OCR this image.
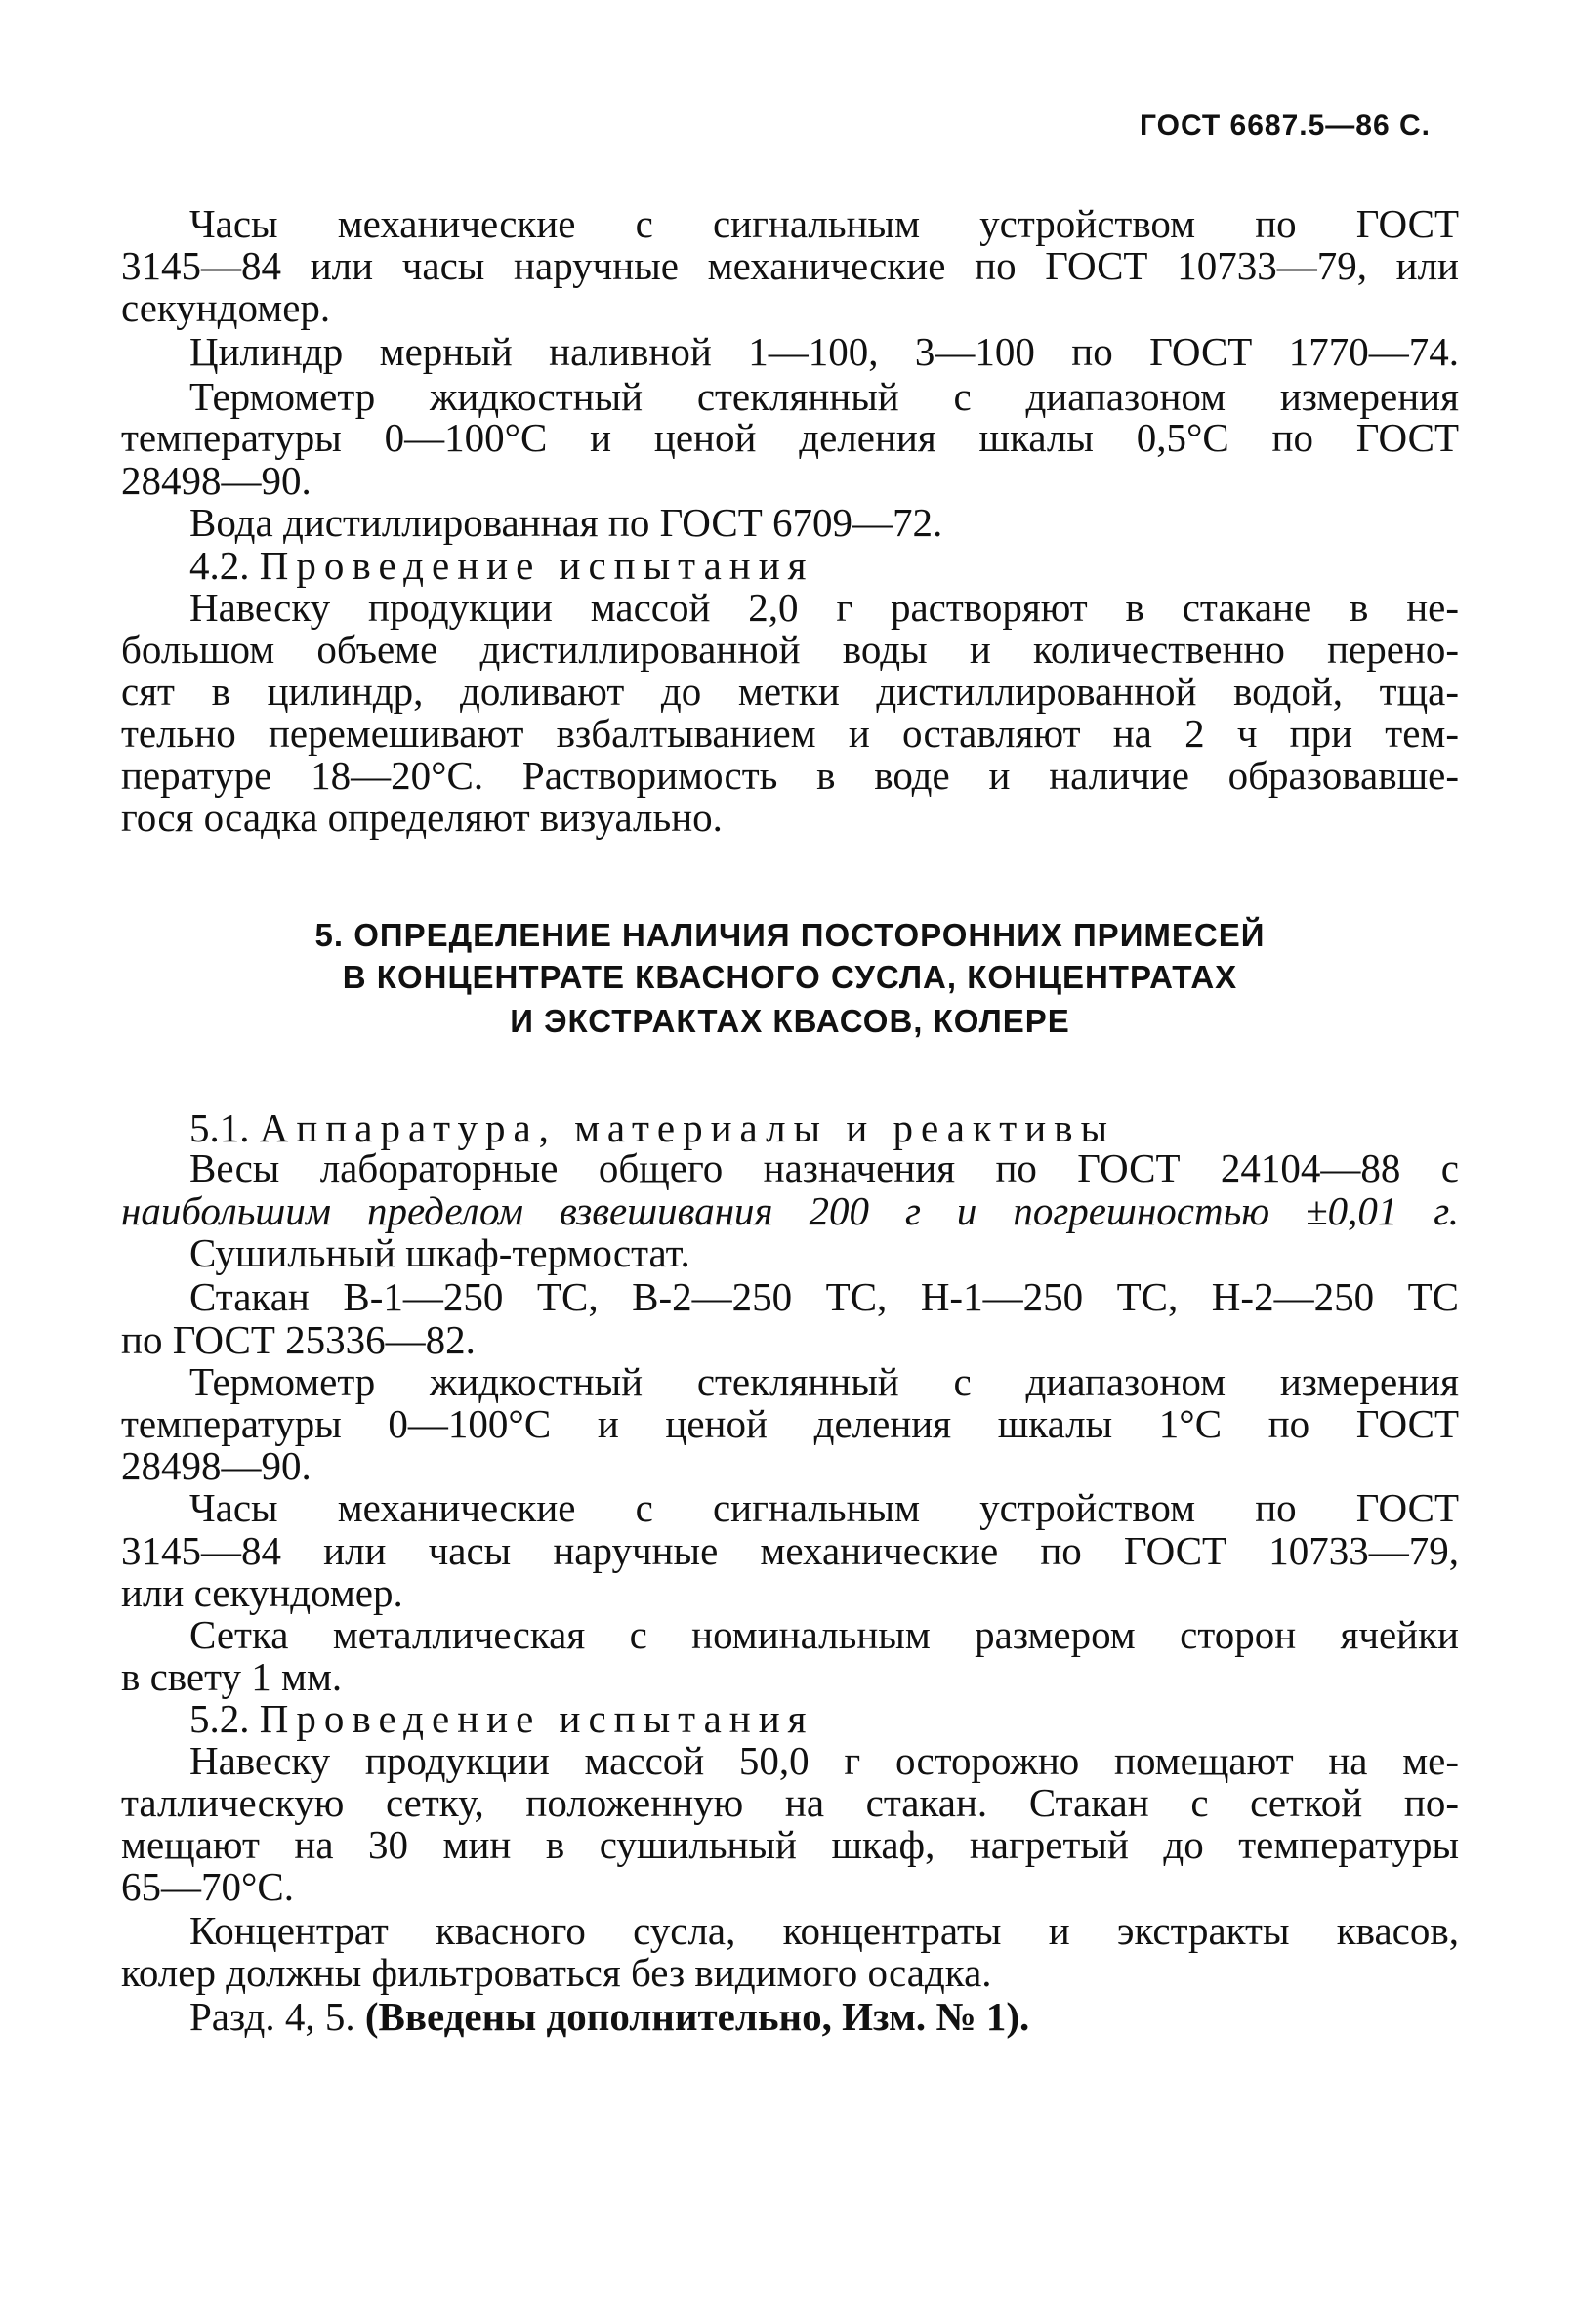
ГОСТ 6687.5—86 С.
Часы механические с сигнальным устройством по ГОСТ
3145—84 или часы наручные механические по ГОСТ 10733—79, или
секундомер.
Цилиндр мерный наливной 1—100, 3—100 по ГОСТ 1770—74.
Термометр жидкостный стеклянный с диапазоном измерения
температуры 0—100°С и ценой деления шкалы 0,5°С по ГОСТ
28498—90.
Вода дистиллированная по ГОСТ 6709—72.
4.2. Проведение испытания
Навеску продукции массой 2,0 г растворяют в стакане в не-
большом объеме дистиллированной воды и количественно перено-
сят в цилиндр, доливают до метки дистиллированной водой, тща-
тельно перемешивают взбалтыванием и оставляют на 2 ч при тем-
пературе 18—20°С. Растворимость в воде и наличие образовавше-
гося осадка определяют визуально.
5. ОПРЕДЕЛЕНИЕ НАЛИЧИЯ ПОСТОРОННИХ ПРИМЕСЕЙ
В КОНЦЕНТРАТЕ КВАСНОГО СУСЛА, КОНЦЕНТРАТАХ
И ЭКСТРАКТАХ КВАСОВ, КОЛЕРЕ
5.1. Аппаратура, материалы и реактивы
Весы лабораторные общего назначения по ГОСТ 24104—88 с
наибольшим пределом взвешивания 200 г и погрешностью ±0,01 г.
Сушильный шкаф-термостат.
Стакан В-1—250 ТС, В-2—250 ТС, Н-1—250 ТС, Н-2—250 ТС
по ГОСТ 25336—82.
Термометр жидкостный стеклянный с диапазоном измерения
температуры 0—100°С и ценой деления шкалы 1°С по ГОСТ
28498—90.
Часы механические с сигнальным устройством по ГОСТ
3145—84 или часы наручные механические по ГОСТ 10733—79,
или секундомер.
Сетка металлическая с номинальным размером сторон ячейки
в свету 1 мм.
5.2. Проведение испытания
Навеску продукции массой 50,0 г осторожно помещают на ме-
таллическую сетку, положенную на стакан. Стакан с сеткой по-
мещают на 30 мин в сушильный шкаф, нагретый до температуры
65—70°С.
Концентрат квасного сусла, концентраты и экстракты квасов,
колер должны фильтроваться без видимого осадка.
Разд. 4, 5. (Введены дополнительно, Изм. № 1).
